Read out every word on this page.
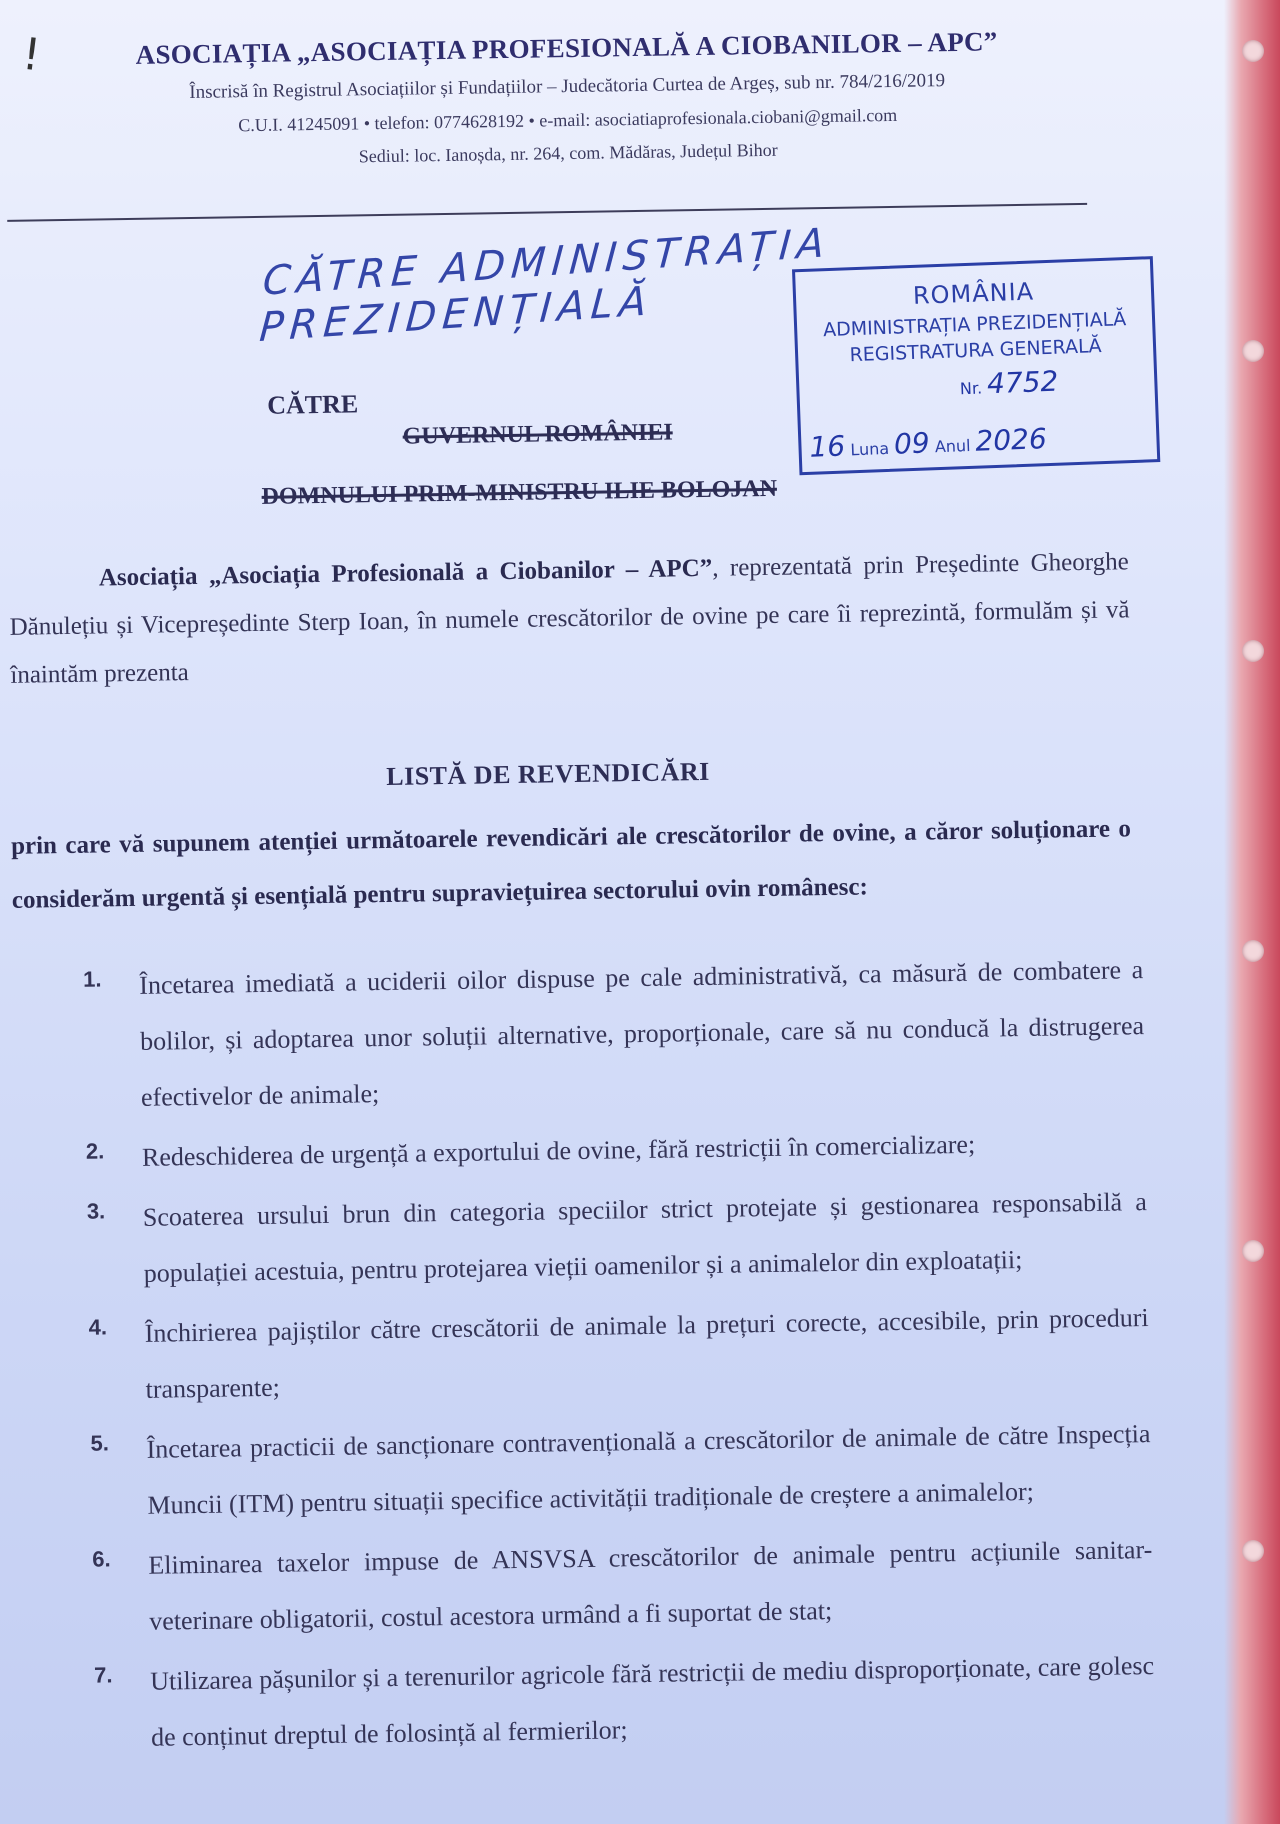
!	ASOCIAȚIA „ASOCIAȚIA PROFESIONALĂ A CIOBANILOR – APC”
Înscrisă în Registrul Asociațiilor și Fundațiilor – Judecătoria Curtea de Argeș, sub nr. 784/216/2019
C.U.I. 41245091 • telefon: 0774628192 • e-mail: asociatiaprofesionala.ciobani@gmail.com
Sediul: loc. Ianoșda, nr. 264, com. Mădăras, Județul Bihor
CĂTRE ADMINISTRAȚIA PREZIDENȚIALĂ	ROMÂNIA
ADMINISTRAȚIA PREZIDENȚIALĂ
REGISTRATURA GENERALĂ
Nr. 4752
16 Luna 09 Anul 2026
CĂTRE
GUVERNUL ROMÂNIEI
DOMNULUI PRIM-MINISTRU ILIE BOLOJAN
Asociația „Asociația Profesională a Ciobanilor – APC”, reprezentată prin Președinte Gheorghe Dănulețiu și Vicepreședinte Sterp Ioan, în numele crescătorilor de ovine pe care îi reprezintă, formulăm și vă înaintăm prezenta
LISTĂ DE REVENDICĂRI
prin care vă supunem atenției următoarele revendicări ale crescătorilor de ovine, a căror soluționare o considerăm urgentă și esențială pentru supraviețuirea sectorului ovin românesc:
1.	Încetarea imediată a uciderii oilor dispuse pe cale administrativă, ca măsură de combatere a bolilor, și adoptarea unor soluții alternative, proporționale, care să nu conducă la distrugerea efectivelor de animale;
2.	Redeschiderea de urgență a exportului de ovine, fără restricții în comercializare;
3.	Scoaterea ursului brun din categoria speciilor strict protejate și gestionarea responsabilă a populației acestuia, pentru protejarea vieții oamenilor și a animalelor din exploatații;
4.	Închirierea pajiștilor către crescătorii de animale la prețuri corecte, accesibile, prin proceduri transparente;
5.	Încetarea practicii de sancționare contravențională a crescătorilor de animale de către Inspecția Muncii (ITM) pentru situații specifice activității tradiționale de creștere a animalelor;
6.	Eliminarea taxelor impuse de ANSVSA crescătorilor de animale pentru acțiunile sanitar-veterinare obligatorii, costul acestora urmând a fi suportat de stat;
7.	Utilizarea pășunilor și a terenurilor agricole fără restricții de mediu disproporționate, care golesc de conținut dreptul de folosință al fermierilor;
